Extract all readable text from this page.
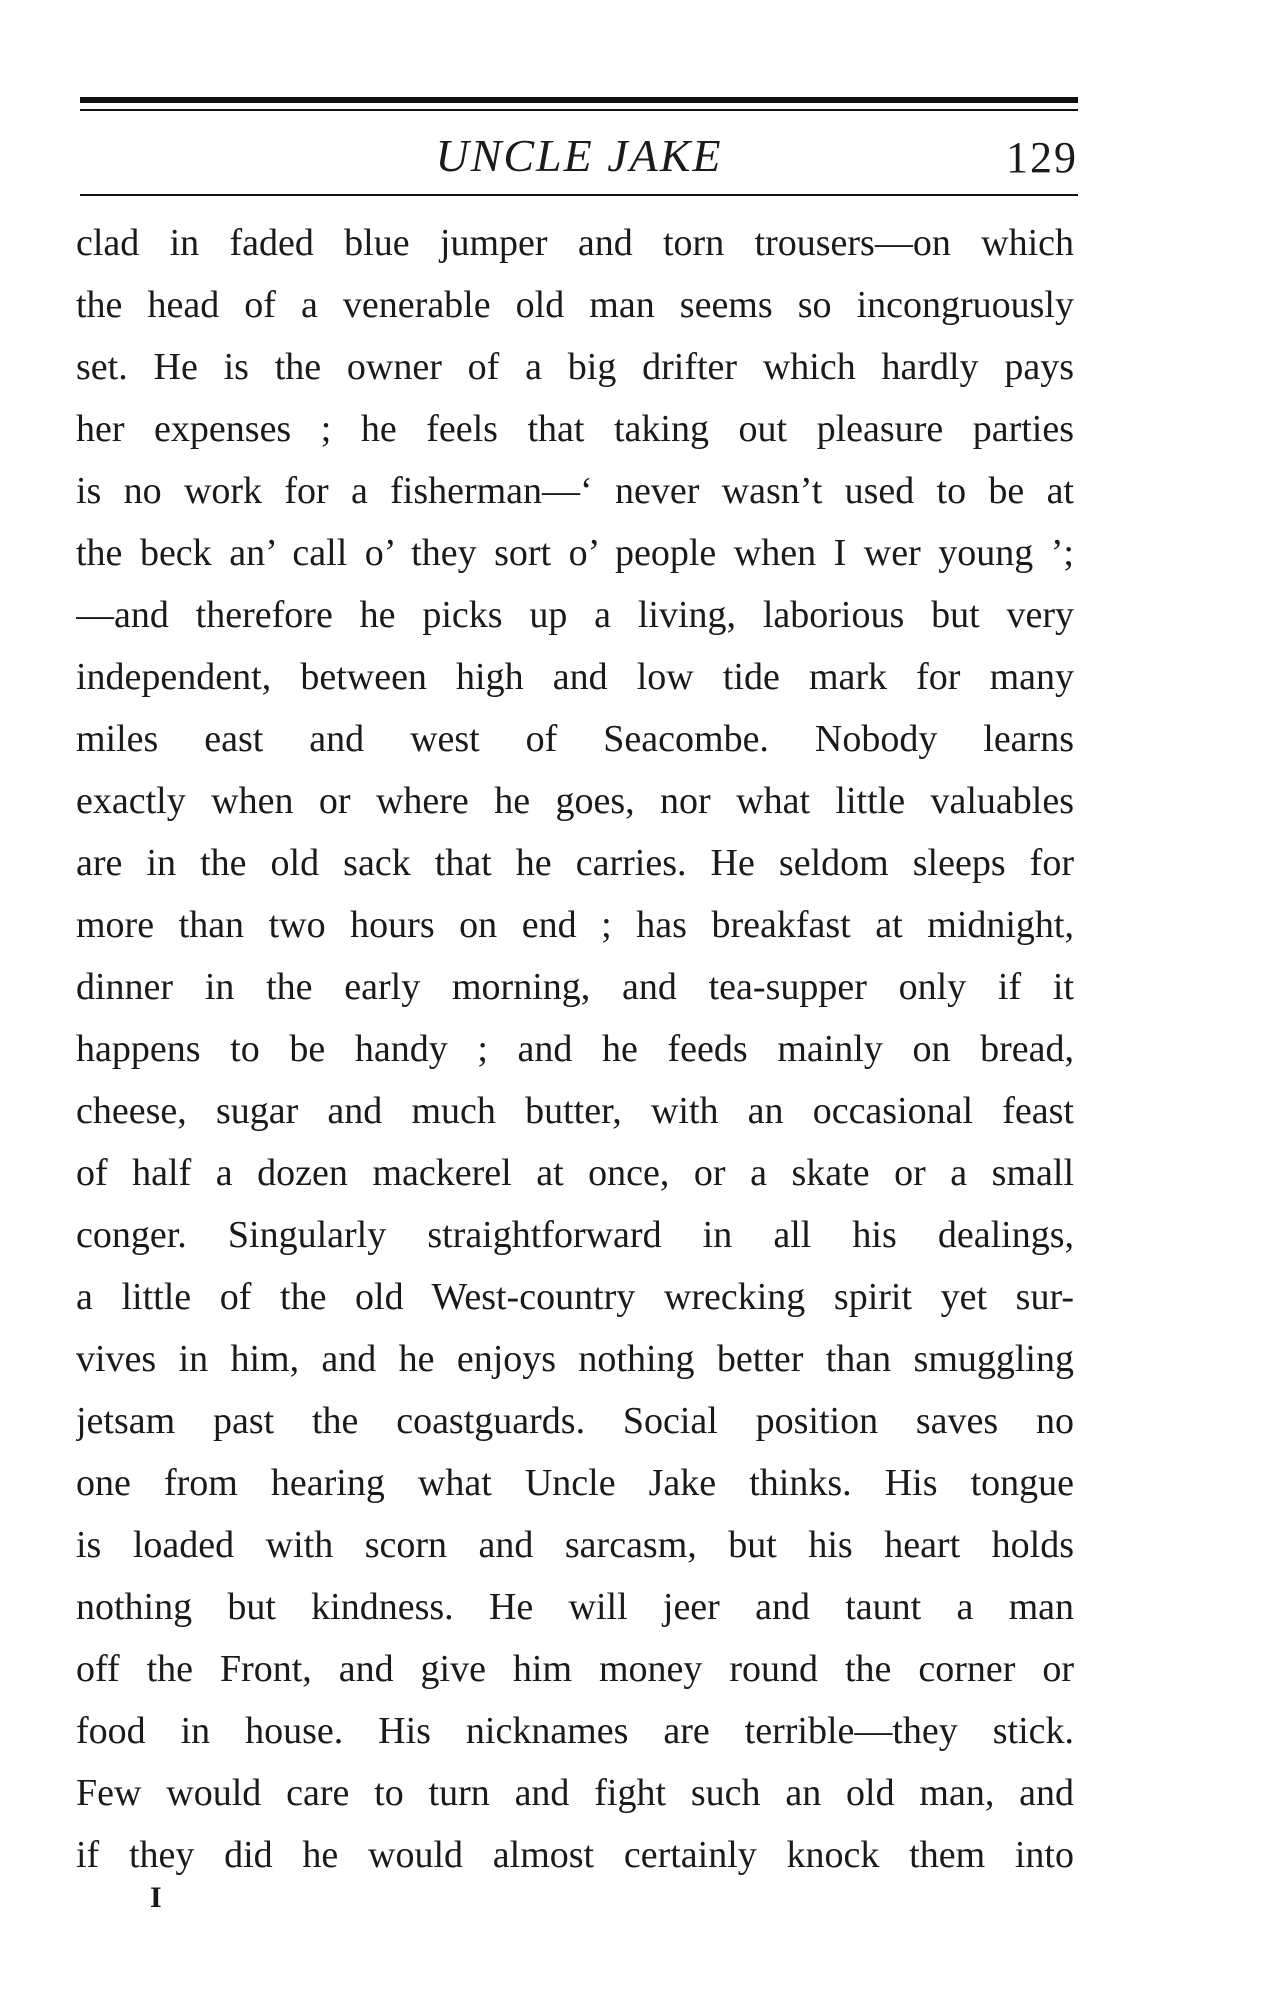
UNCLE JAKE	129
clad in faded blue jumper and torn trousers—on which
the head of a venerable old man seems so incongruously
set. He is the owner of a big drifter which hardly pays
her expenses ; he feels that taking out pleasure parties
is no work for a fisherman—‘ never wasn’t used to be at
the beck an’ call o’ they sort o’ people when I wer young ’;
—and therefore he picks up a living, laborious but very
independent, between high and low tide mark for many
miles east and west of Seacombe. Nobody learns
exactly when or where he goes, nor what little valuables
are in the old sack that he carries. He seldom sleeps for
more than two hours on end ; has breakfast at midnight,
dinner in the early morning, and tea-supper only if it
happens to be handy ; and he feeds mainly on bread,
cheese, sugar and much butter, with an occasional feast
of half a dozen mackerel at once, or a skate or a small
conger. Singularly straightforward in all his dealings,
a little of the old West-country wrecking spirit yet sur-
vives in him, and he enjoys nothing better than smuggling
jetsam past the coastguards. Social position saves no
one from hearing what Uncle Jake thinks. His tongue
is loaded with scorn and sarcasm, but his heart holds
nothing but kindness. He will jeer and taunt a man
off the Front, and give him money round the corner or
food in house. His nicknames are terrible—they stick.
Few would care to turn and fight such an old man, and
if they did he would almost certainly knock them into
I
